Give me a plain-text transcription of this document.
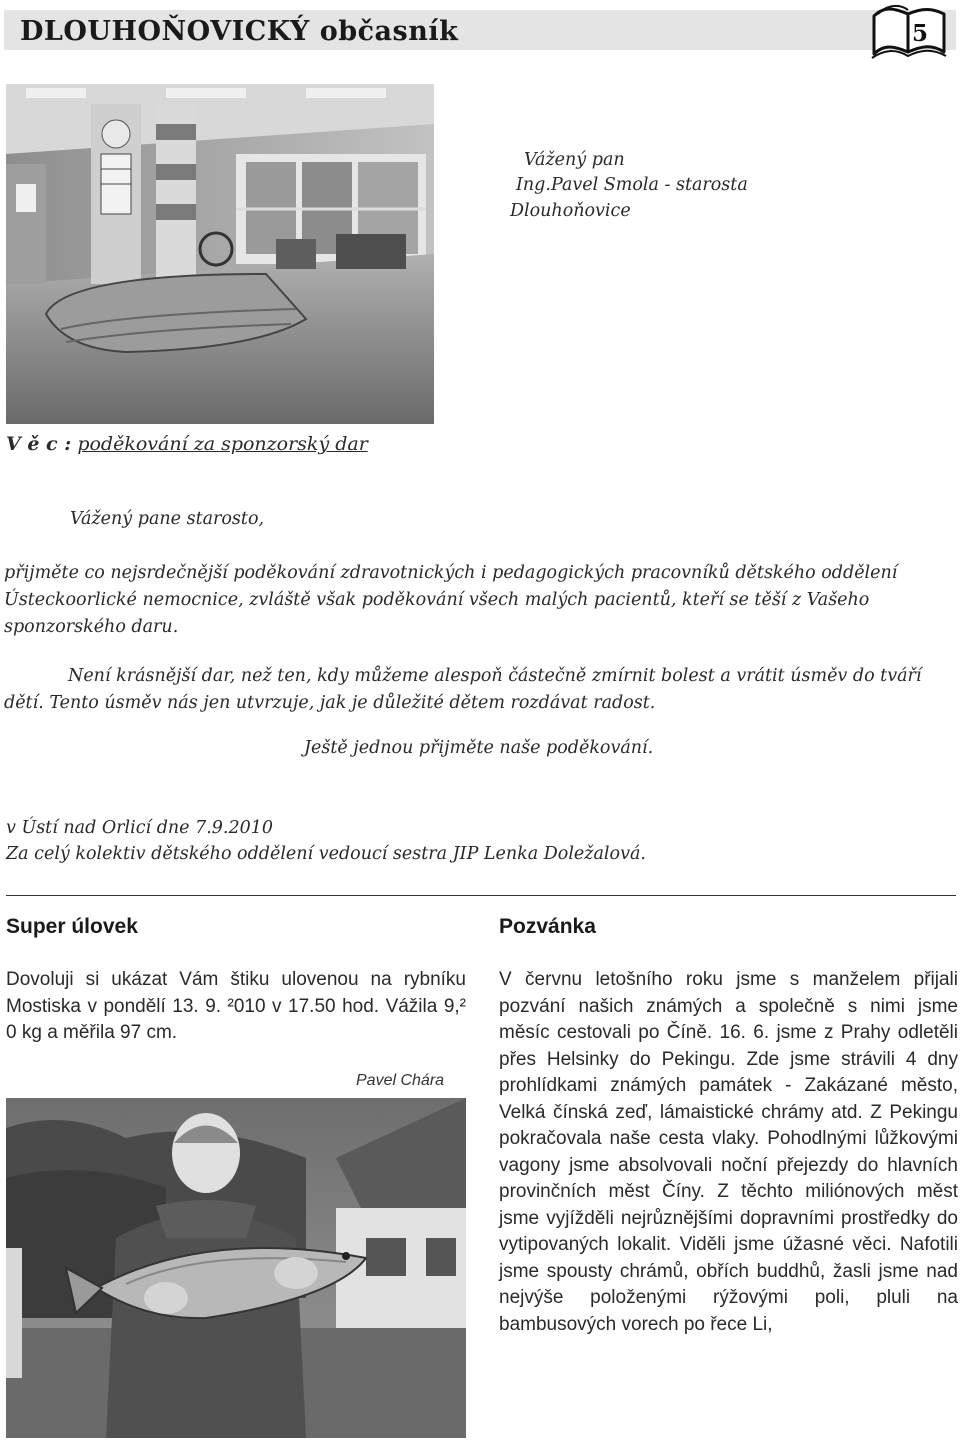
DLOUHOŇOVICKÝ občasník	5
Vážený pan
Ing.Pavel Smola - starosta
Dlouhoňovice
V ě c : poděkování za sponzorský dar
Vážený pane starosto,
přijměte co nejsrdečnější poděkování zdravotnických i pedagogických pracovníků dětského oddělení Ústeckoorlické nemocnice, zvláště však poděkování všech malých pacientů, kteří se těší z Vašeho sponzorského daru.
Není krásnější dar, než ten, kdy můžeme alespoň částečně zmírnit bolest a vrátit úsměv do tváří dětí. Tento úsměv nás jen utvrzuje, jak je důležité dětem rozdávat radost.
Ještě jednou přijměte naše poděkování.
v Ústí nad Orlicí dne 7.9.2010
Za celý kolektiv dětského oddělení vedoucí sestra JIP Lenka Doležalová.
Super úlovek
Dovoluji si ukázat Vám štiku ulovenou na rybníku Mostiska v pondělí 13. 9. ²010 v 17.50 hod. Vážila 9,² 0 kg a měřila 97 cm.
Pavel Chára
Pozvánka
V červnu letošního roku jsme s manželem přijali pozvání našich známých a společně s nimi jsme měsíc cestovali po Číně. 16. 6. jsme z Prahy odletěli přes Helsinky do Pekingu. Zde jsme strávili 4 dny prohlídkami známých památek - Zakázané město, Velká čínská zeď, lámaistické chrámy atd. Z Pekingu pokračovala naše cesta vlaky. Pohodlnými lůžkovými vagony jsme absolvovali noční přejezdy do hlavních provinčních měst Číny. Z těchto miliónových měst jsme vyjížděli nejrůznějšími dopravními prostředky do vytipovaných lokalit. Viděli jsme úžasné věci. Nafotili jsme spousty chrámů, obřích buddhů, žasli jsme nad nejvýše položenými rýžovými poli, pluli na bambusových vorech po řece Li,
